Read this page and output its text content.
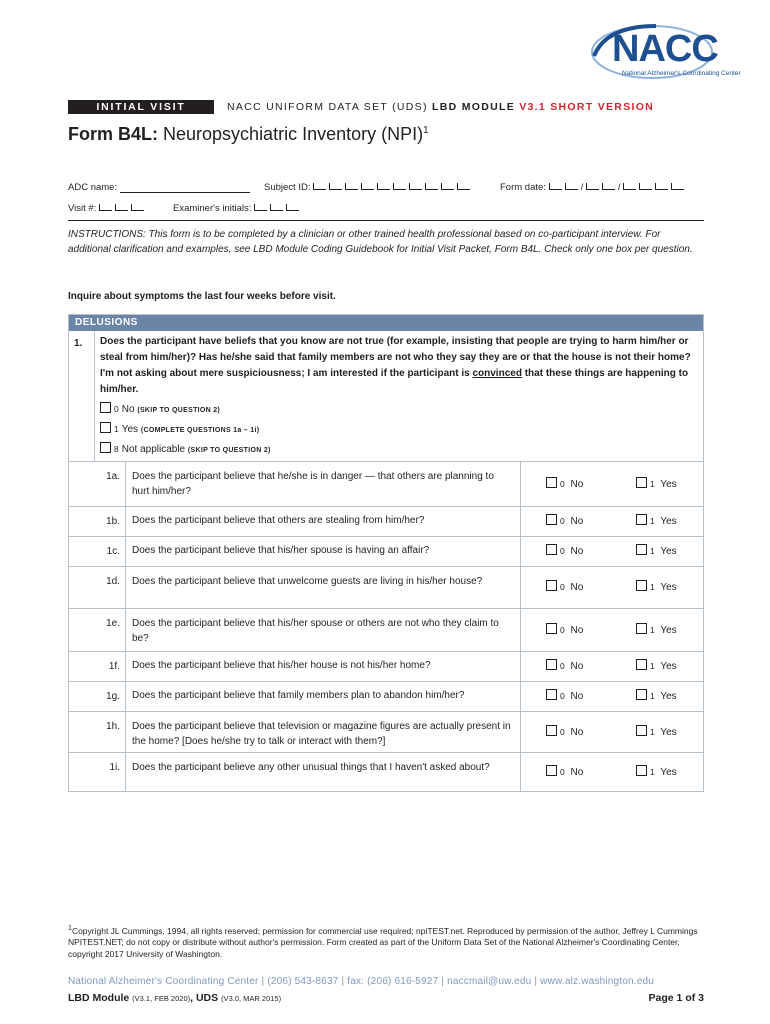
NACC
National Alzheimer's Coordinating Center
INITIAL VISIT PACKET
NACC UNIFORM DATA SET (UDS) LBD MODULE V3.1 SHORT VERSION
Form B4L: Neuropsychiatric Inventory (NPI)$^1$
ADC name:	Subject ID:	Form date:	/	/
Visit #:	Examiner's initials:
INSTRUCTIONS: This form is to be completed by a clinician or other trained health professional based on co-participant interview. For additional clarification and examples, see LBD Module Coding Guidebook for Initial Visit Packet, Form B4L. Check only one box per question.
Inquire about symptoms the last four weeks before visit.
DELUSIONS
1. Does the participant have beliefs that you know are not true (for example, insisting that people are trying to harm him/her or steal from him/her)? Has he/she said that family members are not who they say they are or that the house is not their home? I'm not asking about mere suspiciousness; I am interested if the participant is convinced that these things are happening to him/her.
0 No (SKIP TO QUESTION 2)
1 Yes (COMPLETE QUESTIONS 1a – 1i)
8 Not applicable (SKIP TO QUESTION 2)
1a. Does the participant believe that he/she is in danger — that others are planning to hurt him/her?
0 No	1 Yes
1b. Does the participant believe that others are stealing from him/her?	0 No	1 Yes
1c. Does the participant believe that his/her spouse is having an affair?	0 No	1 Yes
1d. Does the participant believe that unwelcome guests are living in his/her house?	0 No	1 Yes
1e. Does the participant believe that his/her spouse or others are not who they claim to be?
0 No	1 Yes
1f. Does the participant believe that his/her house is not his/her home?	0 No	1 Yes
1g. Does the participant believe that family members plan to abandon him/her?	0 No	1 Yes
1h. Does the participant believe that television or magazine figures are actually present in the home? [Does he/she try to talk or interact with them?]
0 No	1 Yes
1i. Does the participant believe any other unusual things that I haven't asked about?	0 No	1 Yes
$^1$Copyright JL Cummings, 1994, all rights reserved; permission for commercial use required; npiTEST.net. Reproduced by permission of the author, Jeffrey L Cummings NPITEST.NET; do not copy or distribute without author's permission. Form created as part of the Uniform Data Set of the National Alzheimer's Coordinating Center, copyright 2017 University of Washington.
National Alzheimer's Coordinating Center | (206) 543-8637 | fax: (206) 616-5927 | naccmail@uw.edu | www.alz.washington.edu
LBD Module (V3.1, FEB 2020), UDS (V3.0, MAR 2015)	Page 1 of 3
